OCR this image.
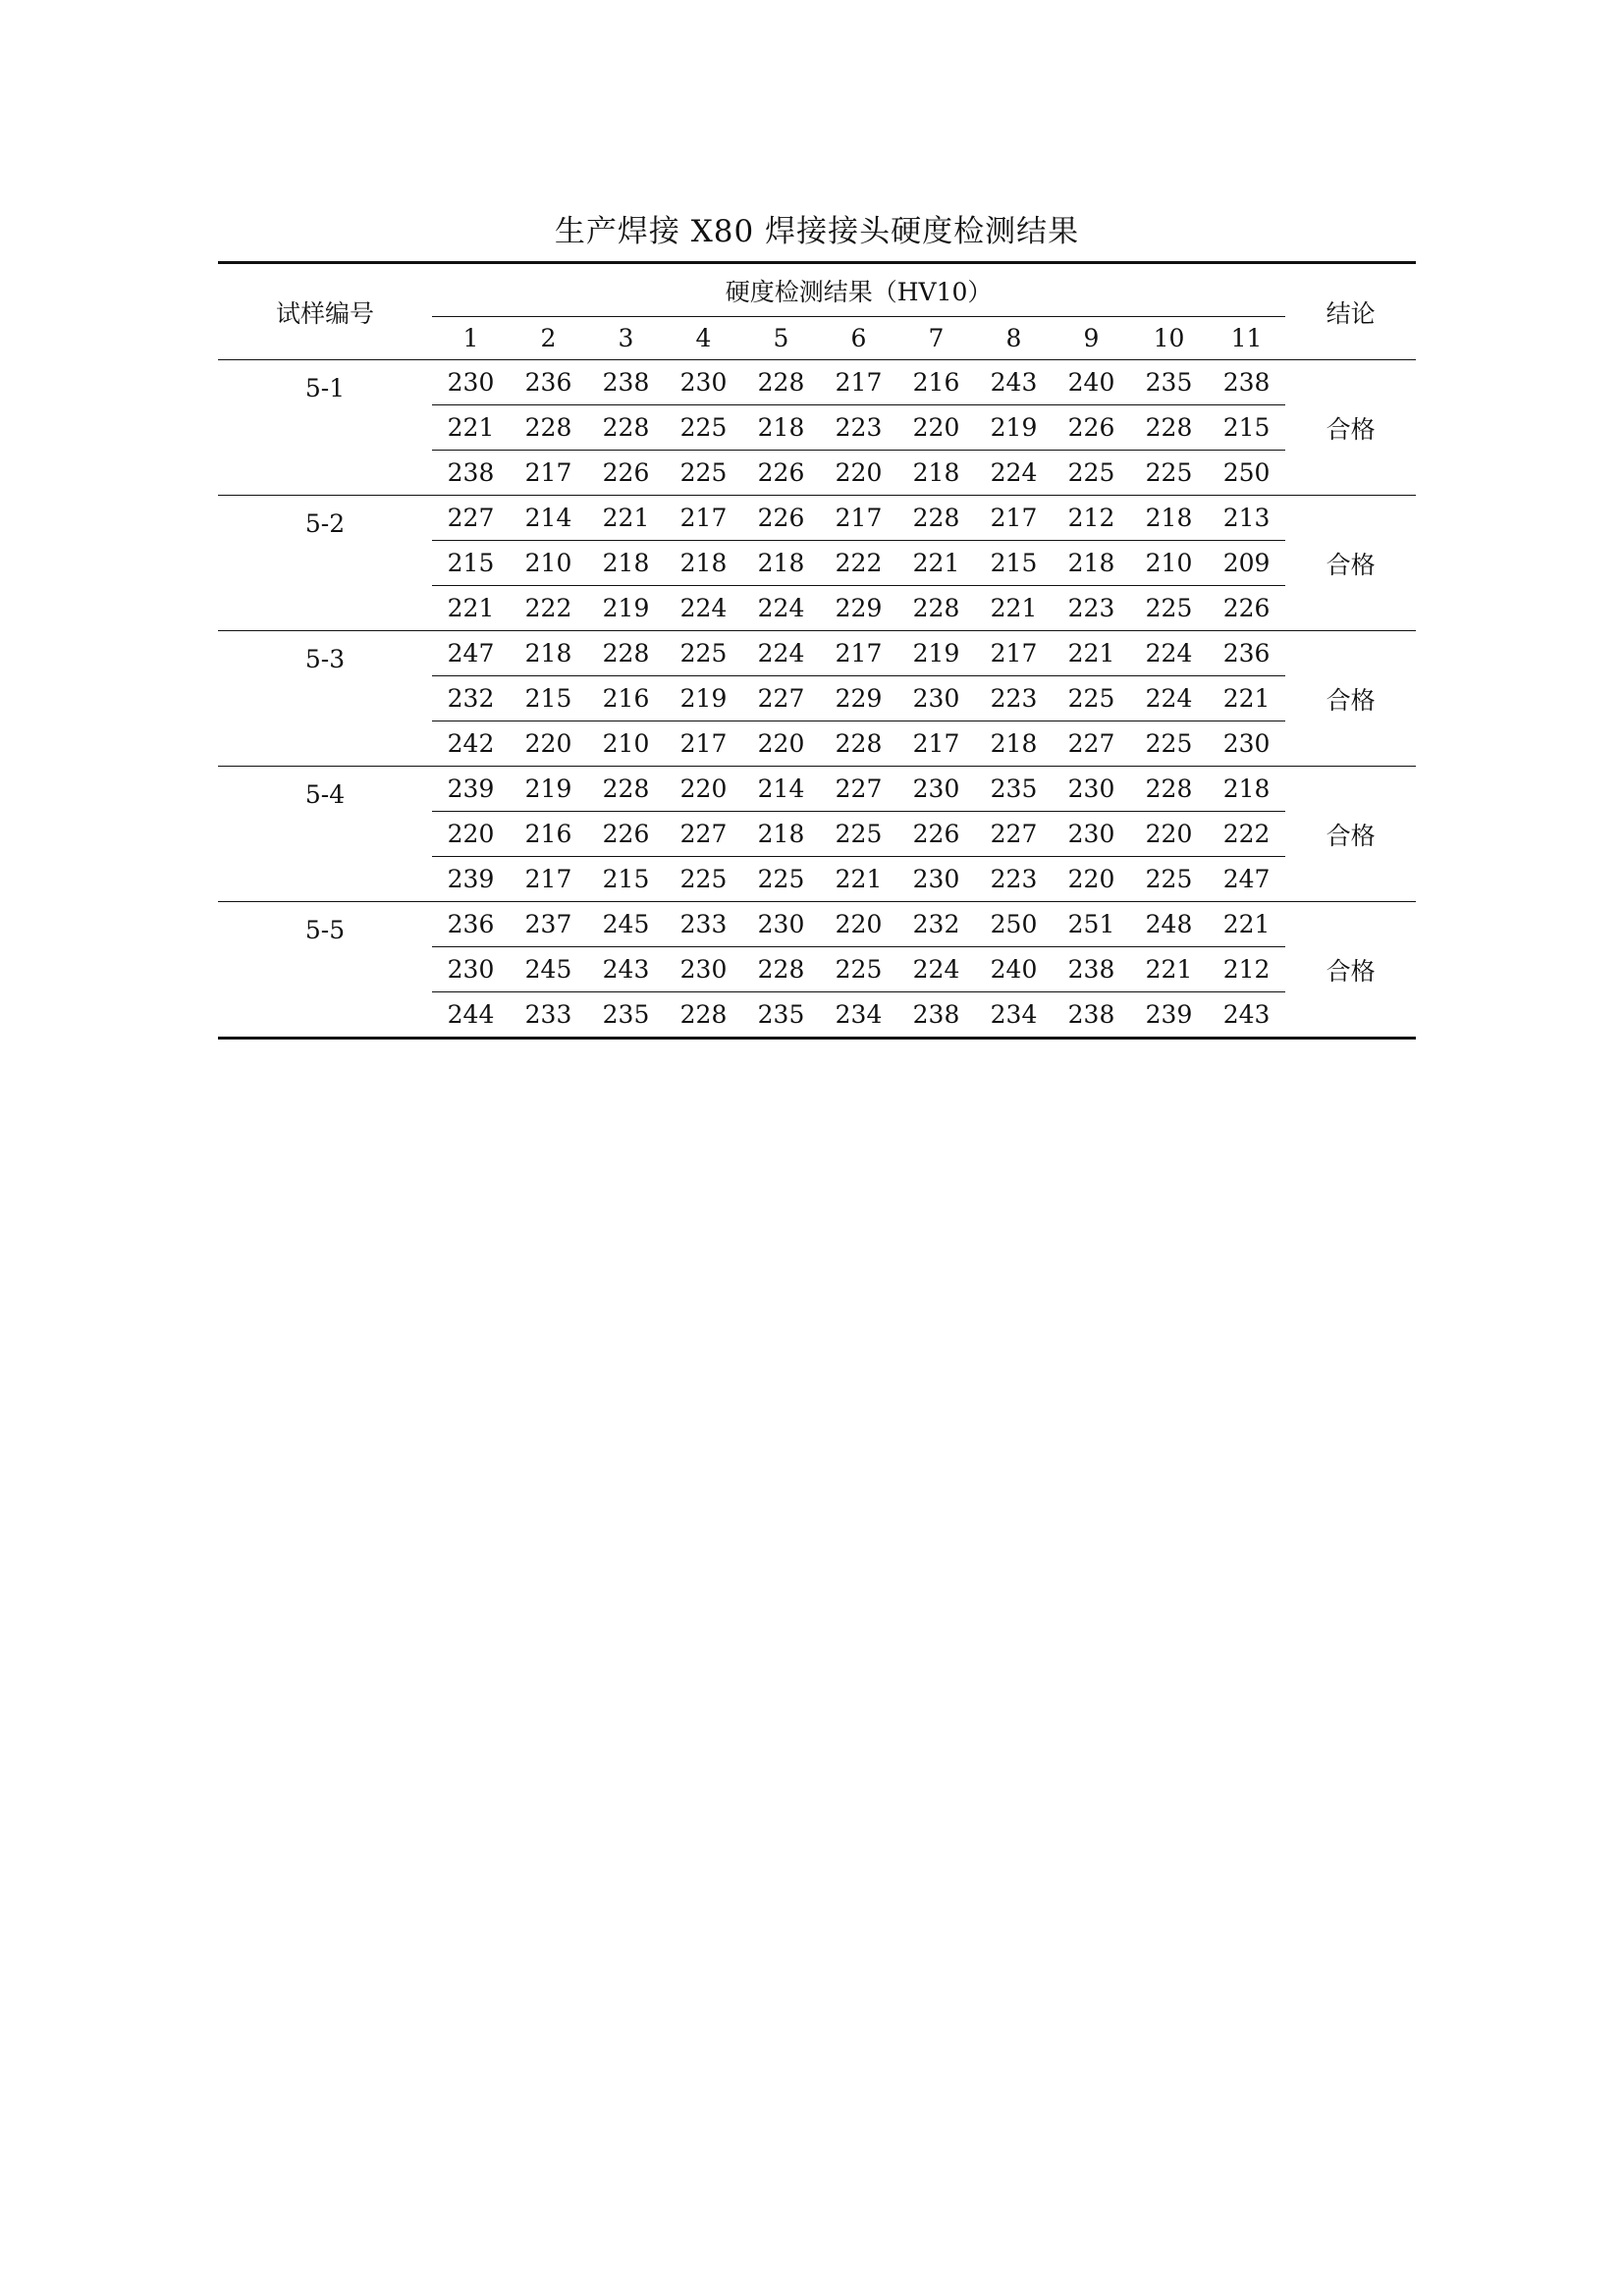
生产焊接 X80 焊接接头硬度检测结果
试样编号	硬度检测结果（HV10）											结论
	1	2	3	4	5	6	7	8	9	10	11	
5-1	230	236	238	230	228	217	216	243	240	235	238	合格
	221	228	228	225	218	223	220	219	226	228	215	
	238	217	226	225	226	220	218	224	225	225	250	
5-2	227	214	221	217	226	217	228	217	212	218	213	合格
	215	210	218	218	218	222	221	215	218	210	209	
	221	222	219	224	224	229	228	221	223	225	226	
5-3	247	218	228	225	224	217	219	217	221	224	236	合格
	232	215	216	219	227	229	230	223	225	224	221	
	242	220	210	217	220	228	217	218	227	225	230	
5-4	239	219	228	220	214	227	230	235	230	228	218	合格
	220	216	226	227	218	225	226	227	230	220	222	
	239	217	215	225	225	221	230	223	220	225	247	
5-5	236	237	245	233	230	220	232	250	251	248	221	合格
	230	245	243	230	228	225	224	240	238	221	212	
	244	233	235	228	235	234	238	234	238	239	243	
